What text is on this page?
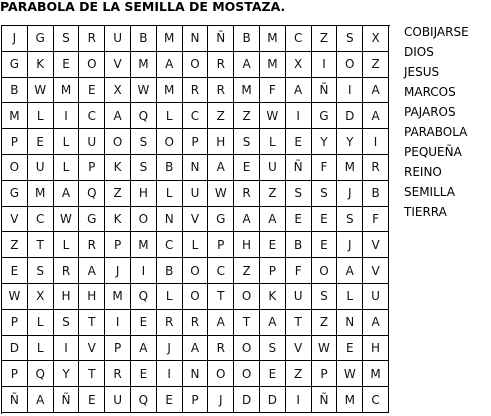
PARABOLA DE LA SEMILLA DE MOSTAZA.
J	G	S	R	U	B	M	N	Ñ	B	M	C	Z	S	X
G	K	E	O	V	M	A	O	R	A	M	X	I	O	Z
B	W	M	E	X	W	M	R	R	M	F	A	Ñ	I	A
M	L	I	C	A	Q	L	C	Z	Z	W	I	G	D	A
P	E	L	U	O	S	O	P	H	S	L	E	Y	Y	I
O	U	L	P	K	S	B	N	A	E	U	Ñ	F	M	R
G	M	A	Q	Z	H	L	U	W	R	Z	S	S	J	B
V	C	W	G	K	O	N	V	G	A	A	E	E	S	F
Z	T	L	R	P	M	C	L	P	H	E	B	E	J	V
E	S	R	A	J	I	B	O	C	Z	P	F	O	A	V
W	X	H	H	M	Q	L	O	T	O	K	U	S	L	U
P	L	S	T	I	E	R	R	A	T	A	T	Z	N	A
D	L	I	V	P	A	J	A	R	O	S	V	W	E	H
P	Q	Y	T	R	E	I	N	O	O	E	Z	P	W	M
Ñ	A	Ñ	E	U	Q	E	P	J	D	D	I	Ñ	M	C
COBIJARSE
DIOS
JESUS
MARCOS
PAJAROS
PARABOLA
PEQUEÑA
REINO
SEMILLA
TIERRA
